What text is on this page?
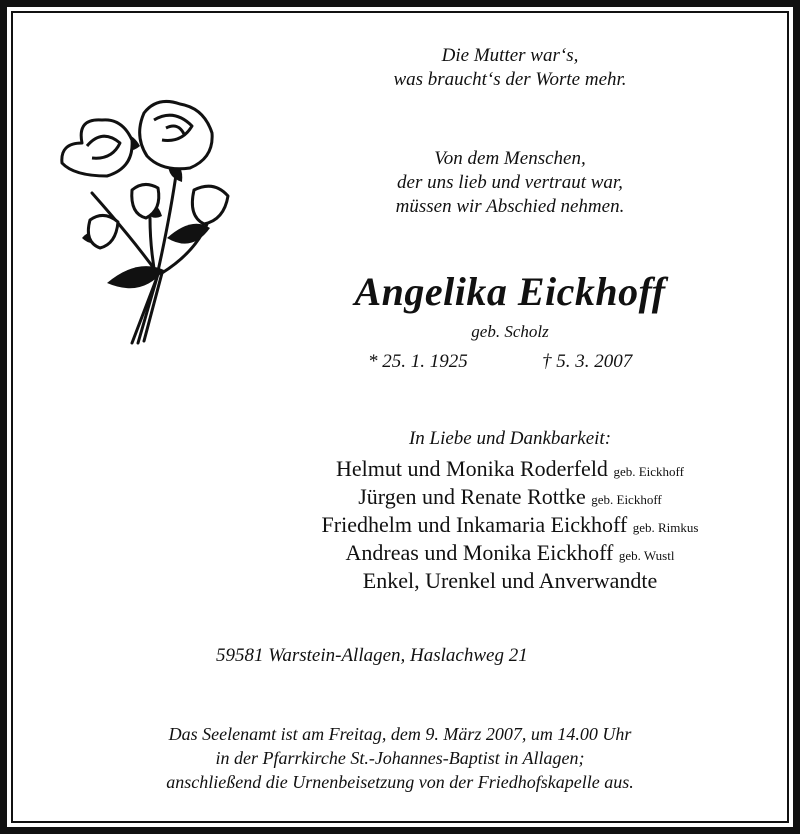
Die Mutter war‘s,
was braucht‘s der Worte mehr.
Von dem Menschen,
der uns lieb und vertraut war,
müssen wir Abschied nehmen.
Angelika Eickhoff
geb. Scholz
* 25. 1. 1925	† 5. 3. 2007
In Liebe und Dankbarkeit:
Helmut und Monika Roderfeld geb. Eickhoff
Jürgen und Renate Rottke geb. Eickhoff
Friedhelm und Inkamaria Eickhoff geb. Rimkus
Andreas und Monika Eickhoff geb. Wustl
Enkel, Urenkel und Anverwandte
59581 Warstein-Allagen, Haslachweg 21
Das Seelenamt ist am Freitag, dem 9. März 2007, um 14.00 Uhr
in der Pfarrkirche St.-Johannes-Baptist in Allagen;
anschließend die Urnenbeisetzung von der Friedhofskapelle aus.
